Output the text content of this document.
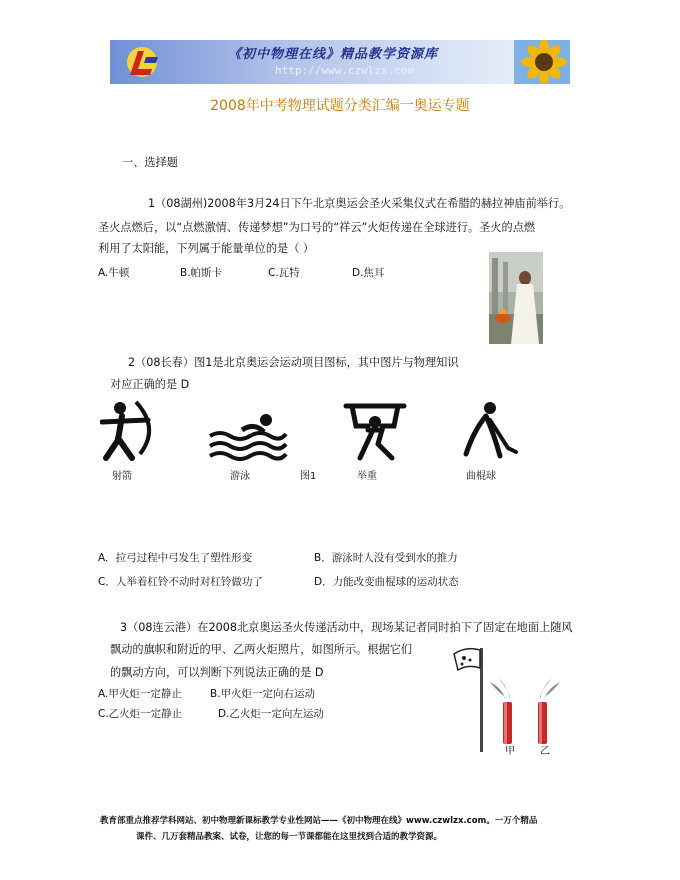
《初中物理在线》精品教学资源库
http://www.czwlzx.com
2008年中考物理试题分类汇编一奥运专题
一、选择题
1（08湖州)2008年3月24日下午北京奥运会圣火采集仪式在希腊的赫拉神庙前举行。
圣火点燃后，以“点燃激情、传递梦想”为口号的“祥云”火炬传递在全球进行。圣火的点燃
利用了太阳能，下列属于能量单位的是（ ）
A.牛顿	B.帕斯卡	C.瓦特	D.焦耳
2（08长春）图1是北京奥运会运动项目图标，其中图片与物理知识
对应正确的是 D
射箭	游泳	图1	举重	曲棍球
A．拉弓过程中弓发生了塑性形变	B．游泳时人没有受到水的推力
C．人举着杠铃不动时对杠铃做功了	D．力能改变曲棍球的运动状态
3（08连云港）在2008北京奥运圣火传递活动中，现场某记者同时拍下了固定在地面上随风
飘动的旗帜和附近的甲、乙两火炬照片，如图所示。根据它们
的飘动方向，可以判断下列说法正确的是 D
A.甲火炬一定静止	B.甲火炬一定向右运动
C.乙火炬一定静止	D.乙火炬一定向左运动
甲	乙
教育部重点推荐学科网站、初中物理新课标教学专业性网站——《初中物理在线》www.czwlzx.com。一万个精品
课件、几万套精品教案、试卷，让您的每一节课都能在这里找到合适的教学资源。
